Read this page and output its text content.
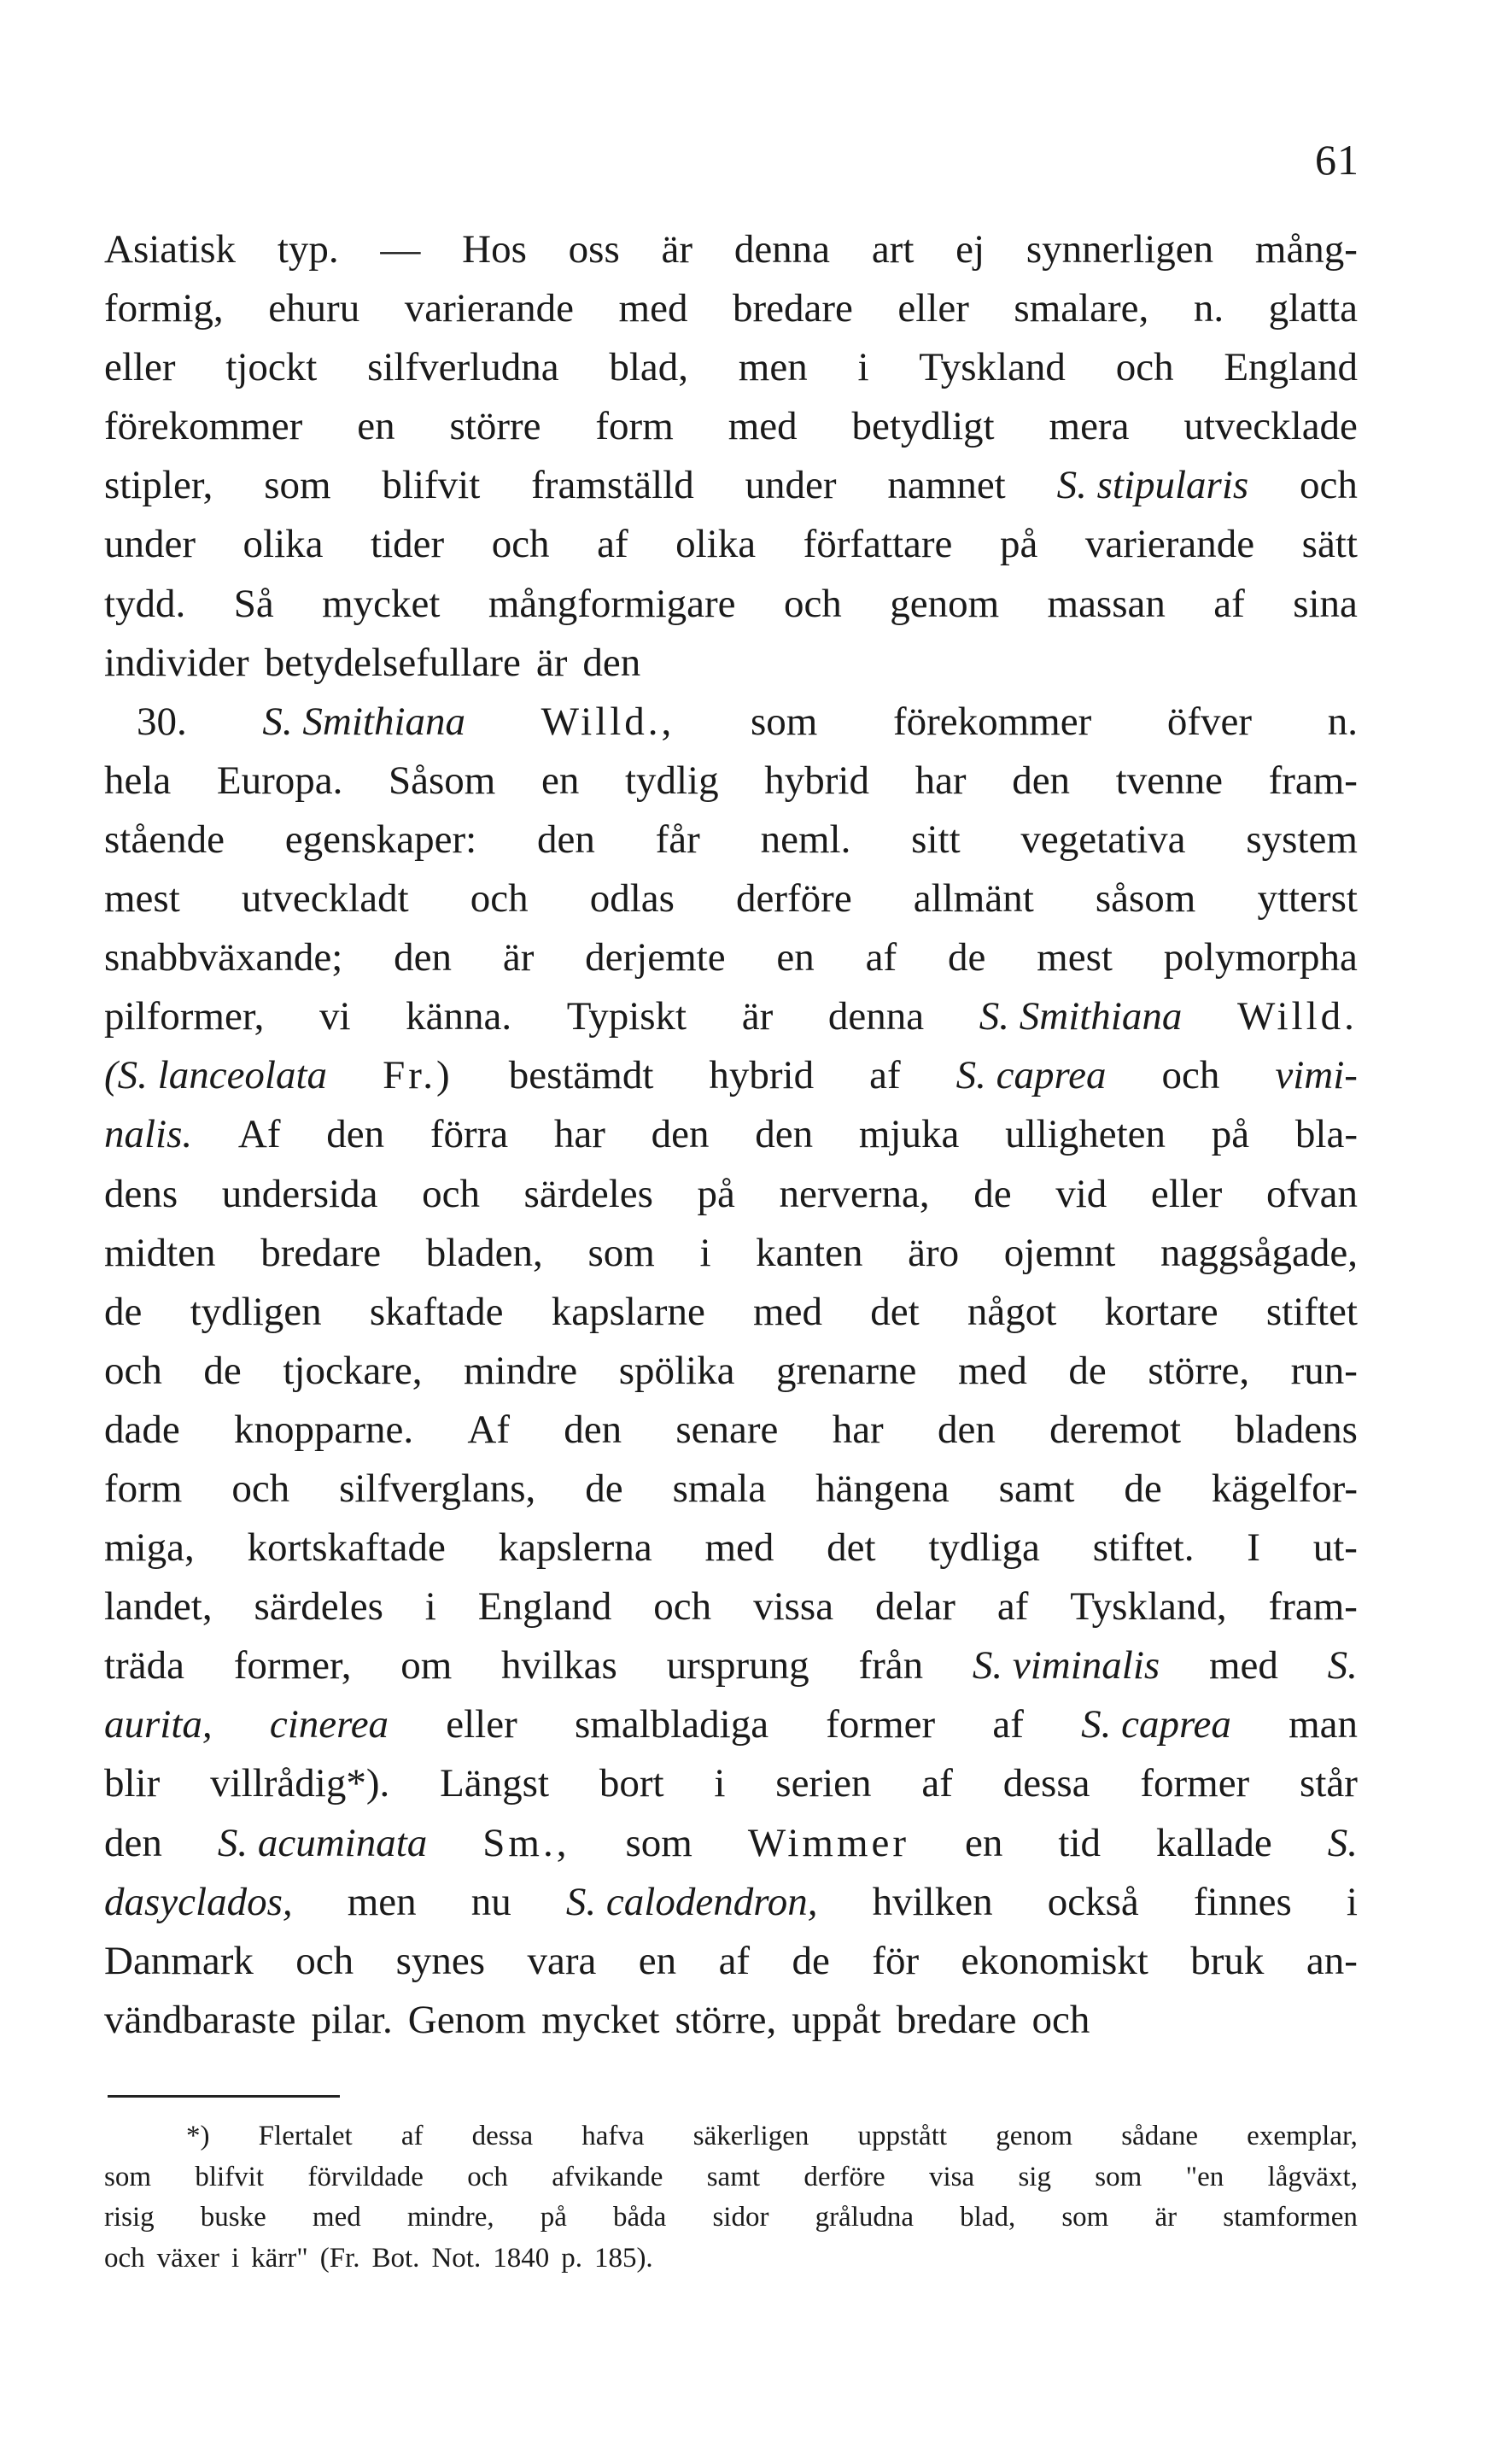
61
Asiatisk typ. — Hos oss är denna art ej synnerligen mång-
formig, ehuru varierande med bredare eller smalare, n. glatta
eller tjockt silfverludna blad, men i Tyskland och England
förekommer en större form med betydligt mera utvecklade
stipler, som blifvit framställd under namnet S. stipularis och
under olika tider och af olika författare på varierande sätt
tydd. Så mycket mångformigare och genom massan af sina
individer betydelsefullare är den
30. S. Smithiana Willd., som förekommer öfver n.
hela Europa. Såsom en tydlig hybrid har den tvenne fram-
stående egenskaper: den får neml. sitt vegetativa system
mest utveckladt och odlas derföre allmänt såsom ytterst
snabbväxande; den är derjemte en af de mest polymorpha
pilformer, vi känna. Typiskt är denna S. Smithiana Willd.
(S. lanceolata Fr.) bestämdt hybrid af S. caprea och vimi-
nalis. Af den förra har den den mjuka ulligheten på bla-
dens undersida och särdeles på nerverna, de vid eller ofvan
midten bredare bladen, som i kanten äro ojemnt naggsågade,
de tydligen skaftade kapslarne med det något kortare stiftet
och de tjockare, mindre spölika grenarne med de större, run-
dade knopparne. Af den senare har den deremot bladens
form och silfverglans, de smala hängena samt de kägelfor-
miga, kortskaftade kapslerna med det tydliga stiftet. I ut-
landet, särdeles i England och vissa delar af Tyskland, fram-
träda former, om hvilkas ursprung från S. viminalis med S.
aurita, cinerea eller smalbladiga former af S. caprea man
blir villrådig*). Längst bort i serien af dessa former står
den S. acuminata Sm., som Wimmer en tid kallade S.
dasyclados, men nu S. calodendron, hvilken också finnes i
Danmark och synes vara en af de för ekonomiskt bruk an-
vändbaraste pilar. Genom mycket större, uppåt bredare och
*) Flertalet af dessa hafva säkerligen uppstått genom sådane exemplar,
som blifvit förvildade och afvikande samt derföre visa sig som "en lågväxt,
risig buske med mindre, på båda sidor gråludna blad, som är stamformen
och växer i kärr" (Fr. Bot. Not. 1840 p. 185).
